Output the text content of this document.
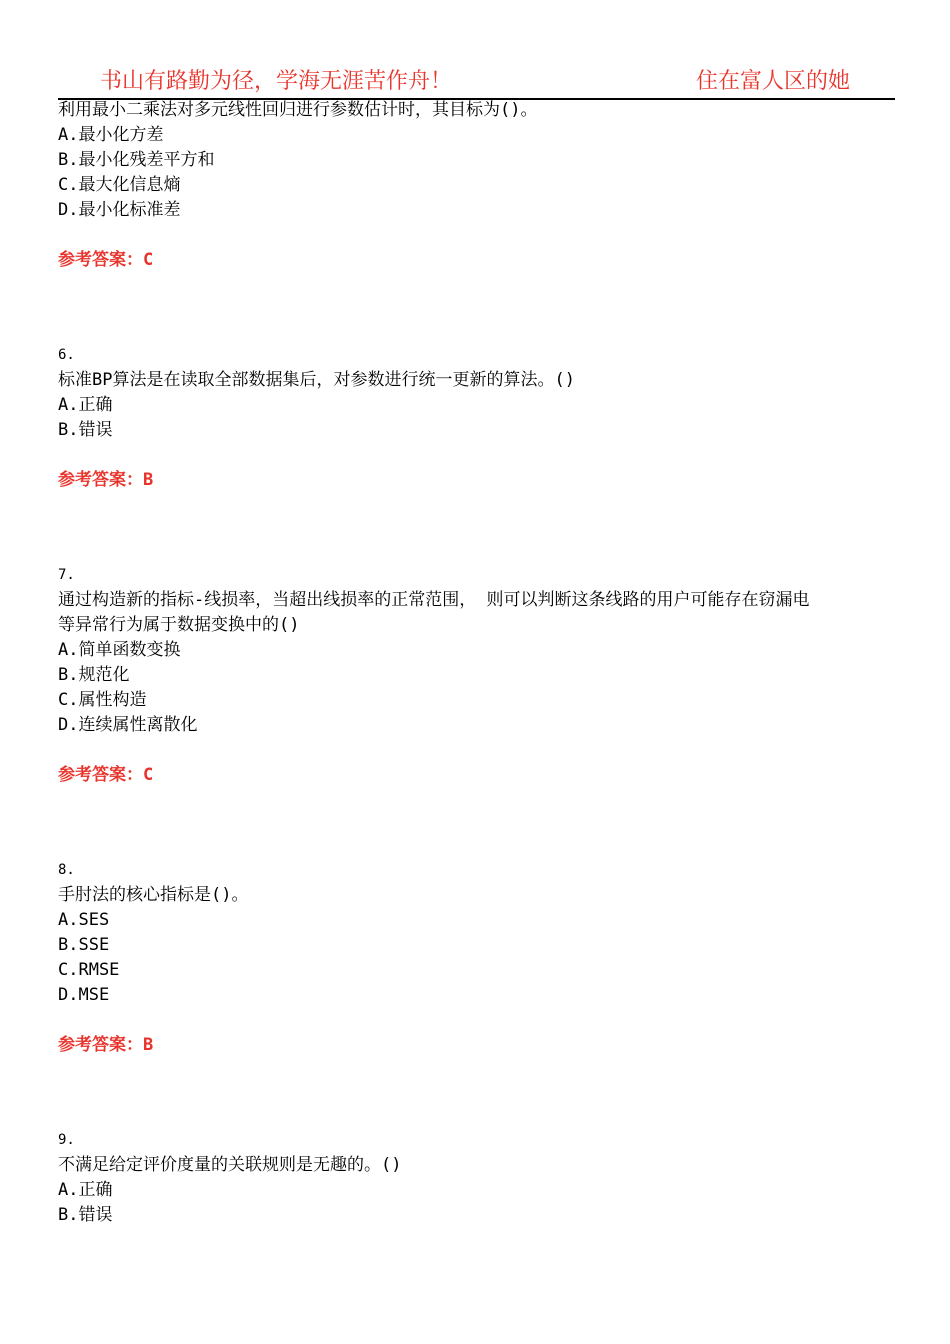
书山有路勤为径，学海无涯苦作舟！	住在富人区的她
利用最小二乘法对多元线性回归进行参数估计时，其目标为()。
A.最小化方差
B.最小化残差平方和
C.最大化信息熵
D.最小化标准差
参考答案：C
6.
标准BP算法是在读取全部数据集后，对参数进行统一更新的算法。()
A.正确
B.错误
参考答案：B
7.
通过构造新的指标-线损率，当超出线损率的正常范围， 则可以判断这条线路的用户可能存在窃漏电
等异常行为属于数据变换中的()
A.简单函数变换
B.规范化
C.属性构造
D.连续属性离散化
参考答案：C
8.
手肘法的核心指标是()。
A.SES
B.SSE
C.RMSE
D.MSE
参考答案：B
9.
不满足给定评价度量的关联规则是无趣的。()
A.正确
B.错误
